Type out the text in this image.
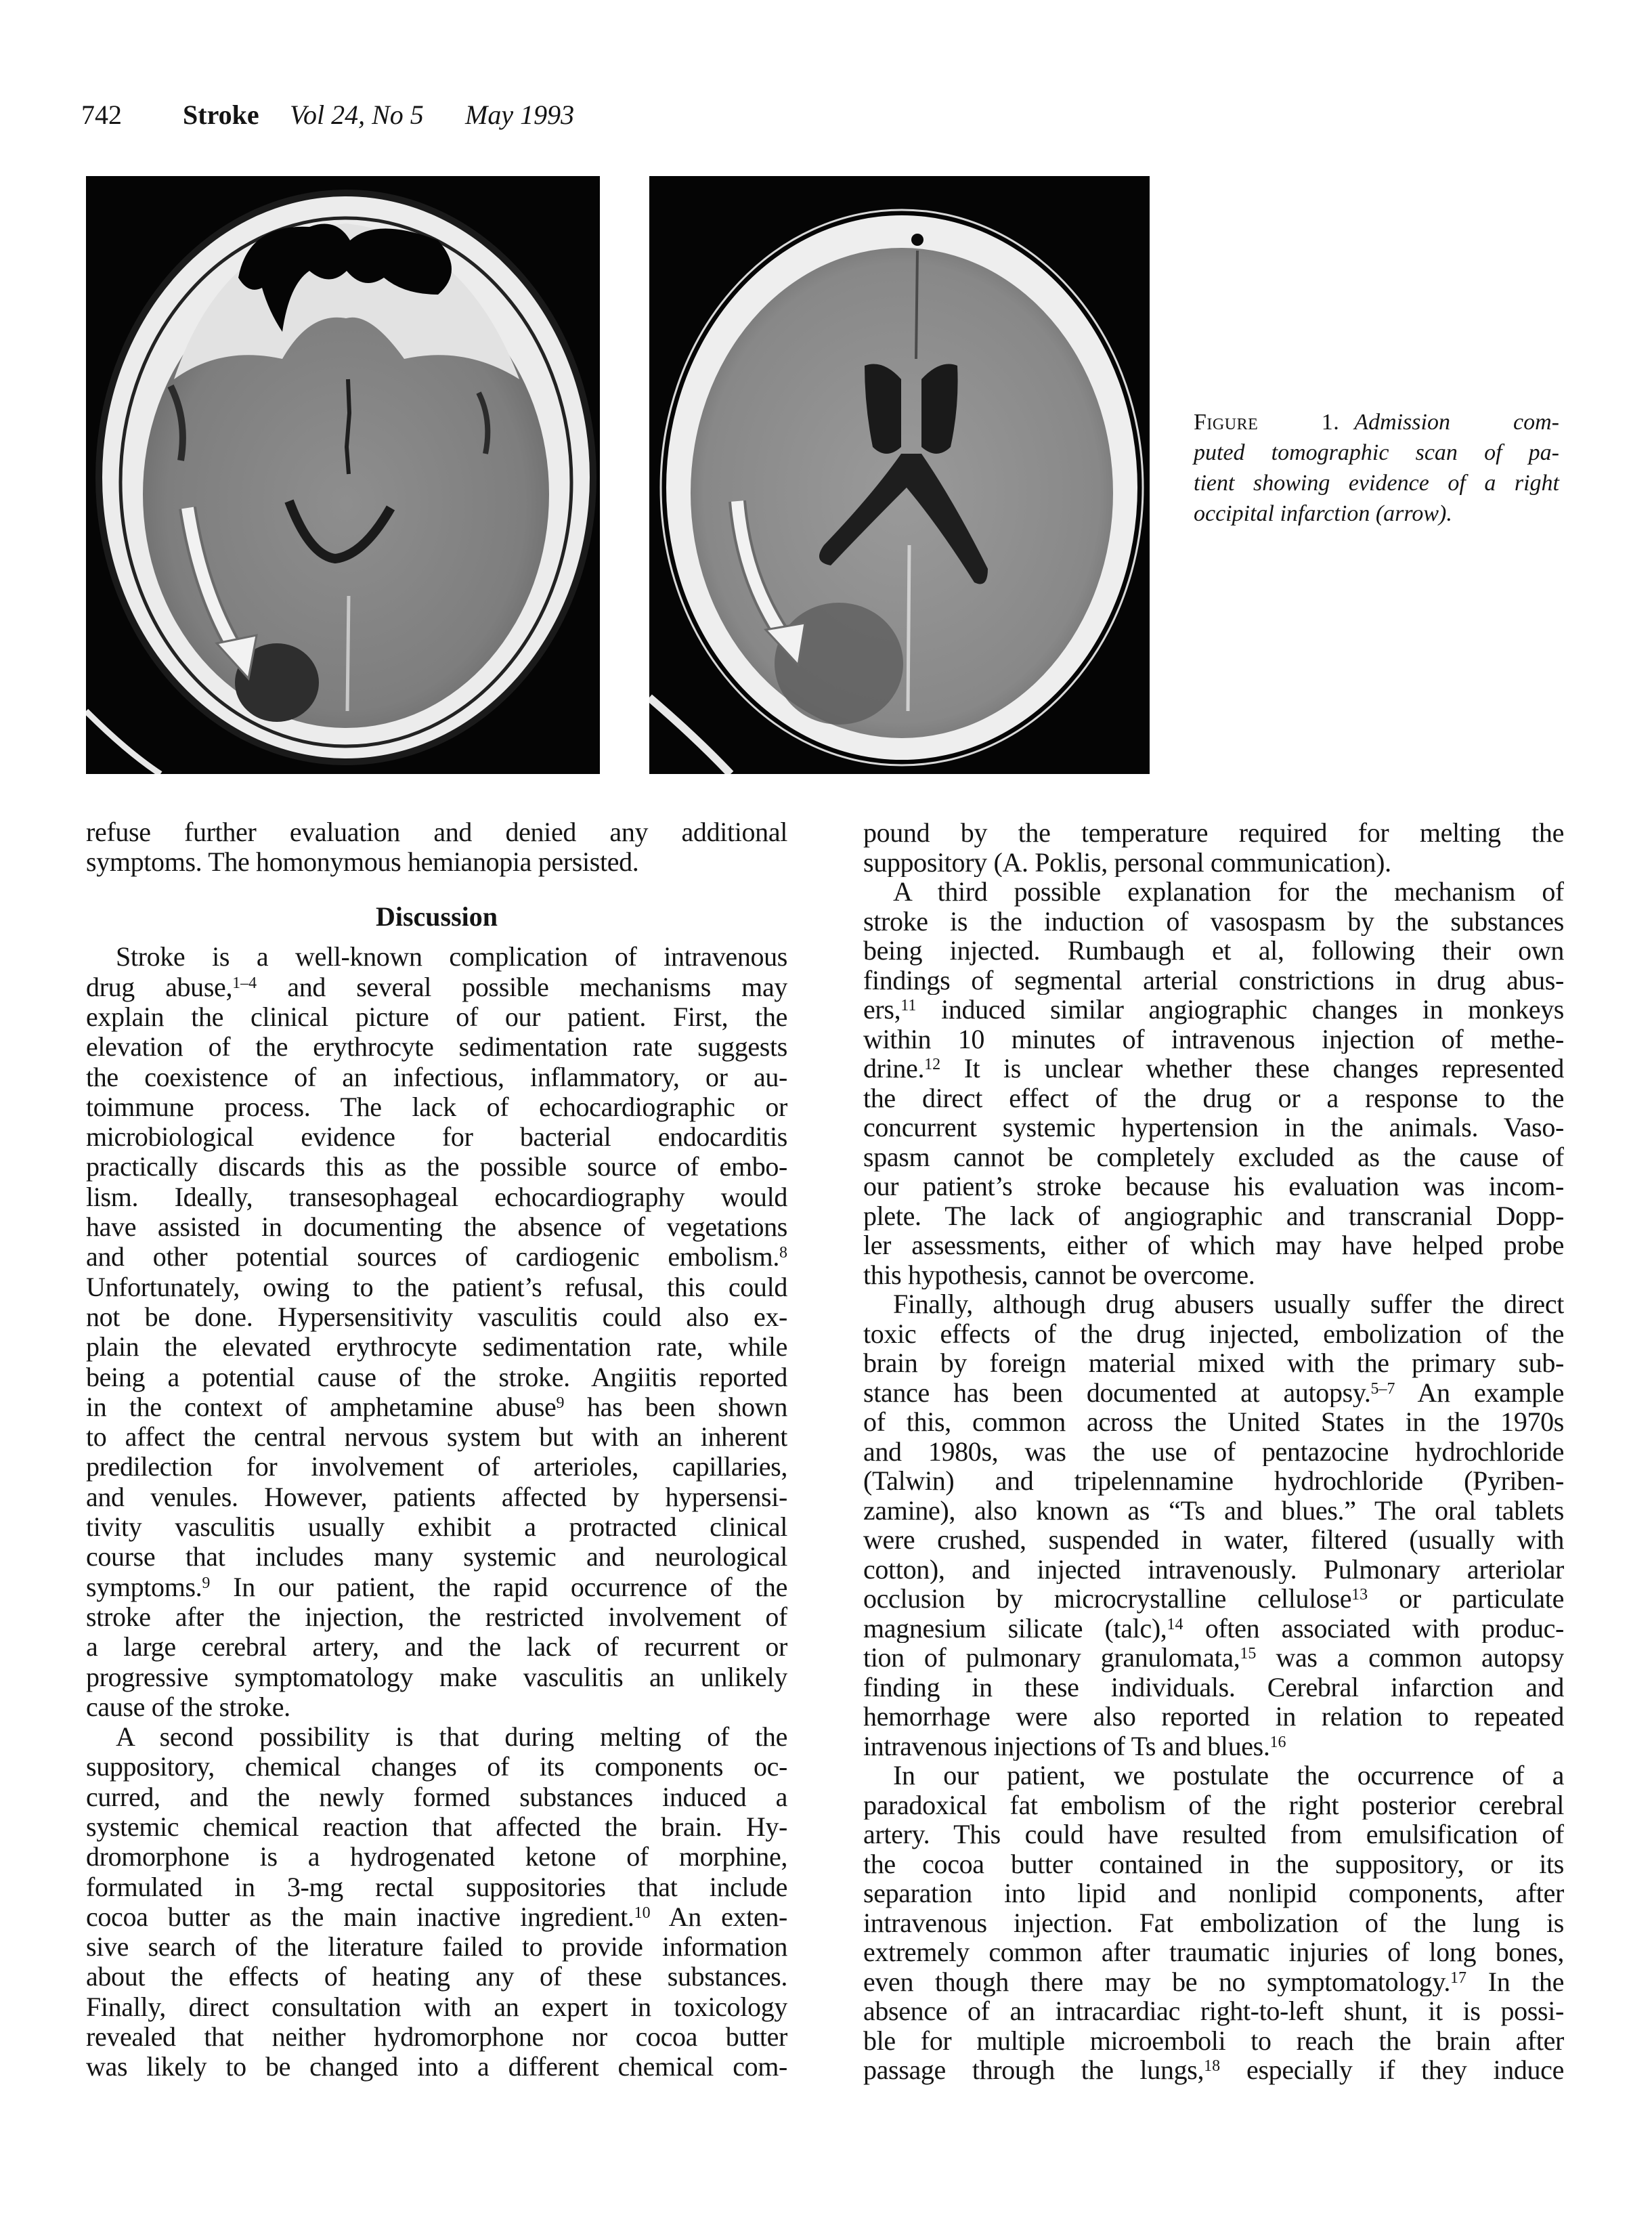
742 Stroke Vol 24, No 5 May 1993
Figure 1. Admission com-
puted tomographic scan of pa-
tient showing evidence of a right
occipital infarction (arrow).
refuse further evaluation and denied any additional
symptoms. The homonymous hemianopia persisted.
Discussion
Stroke is a well-known complication of intravenous
drug abuse,$^{1-4}$ and several possible mechanisms may
explain the clinical picture of our patient. First, the
elevation of the erythrocyte sedimentation rate suggests
the coexistence of an infectious, inflammatory, or au-
toimmune process. The lack of echocardiographic or
microbiological evidence for bacterial endocarditis
practically discards this as the possible source of embo-
lism. Ideally, transesophageal echocardiography would
have assisted in documenting the absence of vegetations
and other potential sources of cardiogenic embolism.$^8$
Unfortunately, owing to the patient’s refusal, this could
not be done. Hypersensitivity vasculitis could also ex-
plain the elevated erythrocyte sedimentation rate, while
being a potential cause of the stroke. Angiitis reported
in the context of amphetamine abuse$^9$ has been shown
to affect the central nervous system but with an inherent
predilection for involvement of arterioles, capillaries,
and venules. However, patients affected by hypersensi-
tivity vasculitis usually exhibit a protracted clinical
course that includes many systemic and neurological
symptoms.$^9$ In our patient, the rapid occurrence of the
stroke after the injection, the restricted involvement of
a large cerebral artery, and the lack of recurrent or
progressive symptomatology make vasculitis an unlikely
cause of the stroke.
A second possibility is that during melting of the
suppository, chemical changes of its components oc-
curred, and the newly formed substances induced a
systemic chemical reaction that affected the brain. Hy-
dromorphone is a hydrogenated ketone of morphine,
formulated in 3-mg rectal suppositories that include
cocoa butter as the main inactive ingredient.$^{10}$ An exten-
sive search of the literature failed to provide information
about the effects of heating any of these substances.
Finally, direct consultation with an expert in toxicology
revealed that neither hydromorphone nor cocoa butter
was likely to be changed into a different chemical com-
pound by the temperature required for melting the
suppository (A. Poklis, personal communication).
A third possible explanation for the mechanism of
stroke is the induction of vasospasm by the substances
being injected. Rumbaugh et al, following their own
findings of segmental arterial constrictions in drug abus-
ers,$^{11}$ induced similar angiographic changes in monkeys
within 10 minutes of intravenous injection of methe-
drine.$^{12}$ It is unclear whether these changes represented
the direct effect of the drug or a response to the
concurrent systemic hypertension in the animals. Vaso-
spasm cannot be completely excluded as the cause of
our patient’s stroke because his evaluation was incom-
plete. The lack of angiographic and transcranial Dopp-
ler assessments, either of which may have helped probe
this hypothesis, cannot be overcome.
Finally, although drug abusers usually suffer the direct
toxic effects of the drug injected, embolization of the
brain by foreign material mixed with the primary sub-
stance has been documented at autopsy.$^{5-7}$ An example
of this, common across the United States in the 1970s
and 1980s, was the use of pentazocine hydrochloride
(Talwin) and tripelennamine hydrochloride (Pyriben-
zamine), also known as “Ts and blues.” The oral tablets
were crushed, suspended in water, filtered (usually with
cotton), and injected intravenously. Pulmonary arteriolar
occlusion by microcrystalline cellulose$^{13}$ or particulate
magnesium silicate (talc),$^{14}$ often associated with produc-
tion of pulmonary granulomata,$^{15}$ was a common autopsy
finding in these individuals. Cerebral infarction and
hemorrhage were also reported in relation to repeated
intravenous injections of Ts and blues.$^{16}$
In our patient, we postulate the occurrence of a
paradoxical fat embolism of the right posterior cerebral
artery. This could have resulted from emulsification of
the cocoa butter contained in the suppository, or its
separation into lipid and nonlipid components, after
intravenous injection. Fat embolization of the lung is
extremely common after traumatic injuries of long bones,
even though there may be no symptomatology.$^{17}$ In the
absence of an intracardiac right-to-left shunt, it is possi-
ble for multiple microemboli to reach the brain after
passage through the lungs,$^{18}$ especially if they induce
